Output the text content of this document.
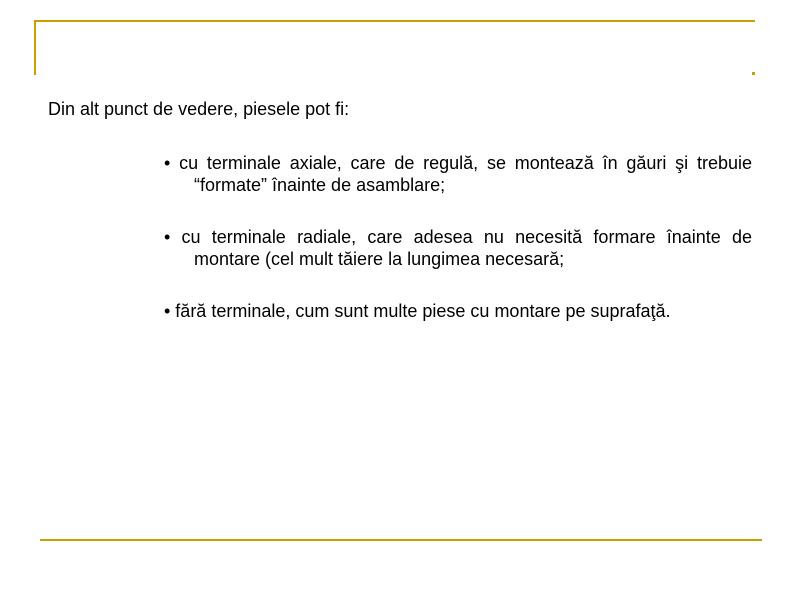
Din alt punct de vedere, piesele pot fi:

• cu terminale axiale, care de regulă, se montează în găuri şi trebuie “formate” înainte de asamblare;
• cu terminale radiale, care adesea nu necesită formare înainte de montare (cel mult tăiere la lungimea necesară;
• fără terminale, cum sunt multe piese cu montare pe suprafaţă.
